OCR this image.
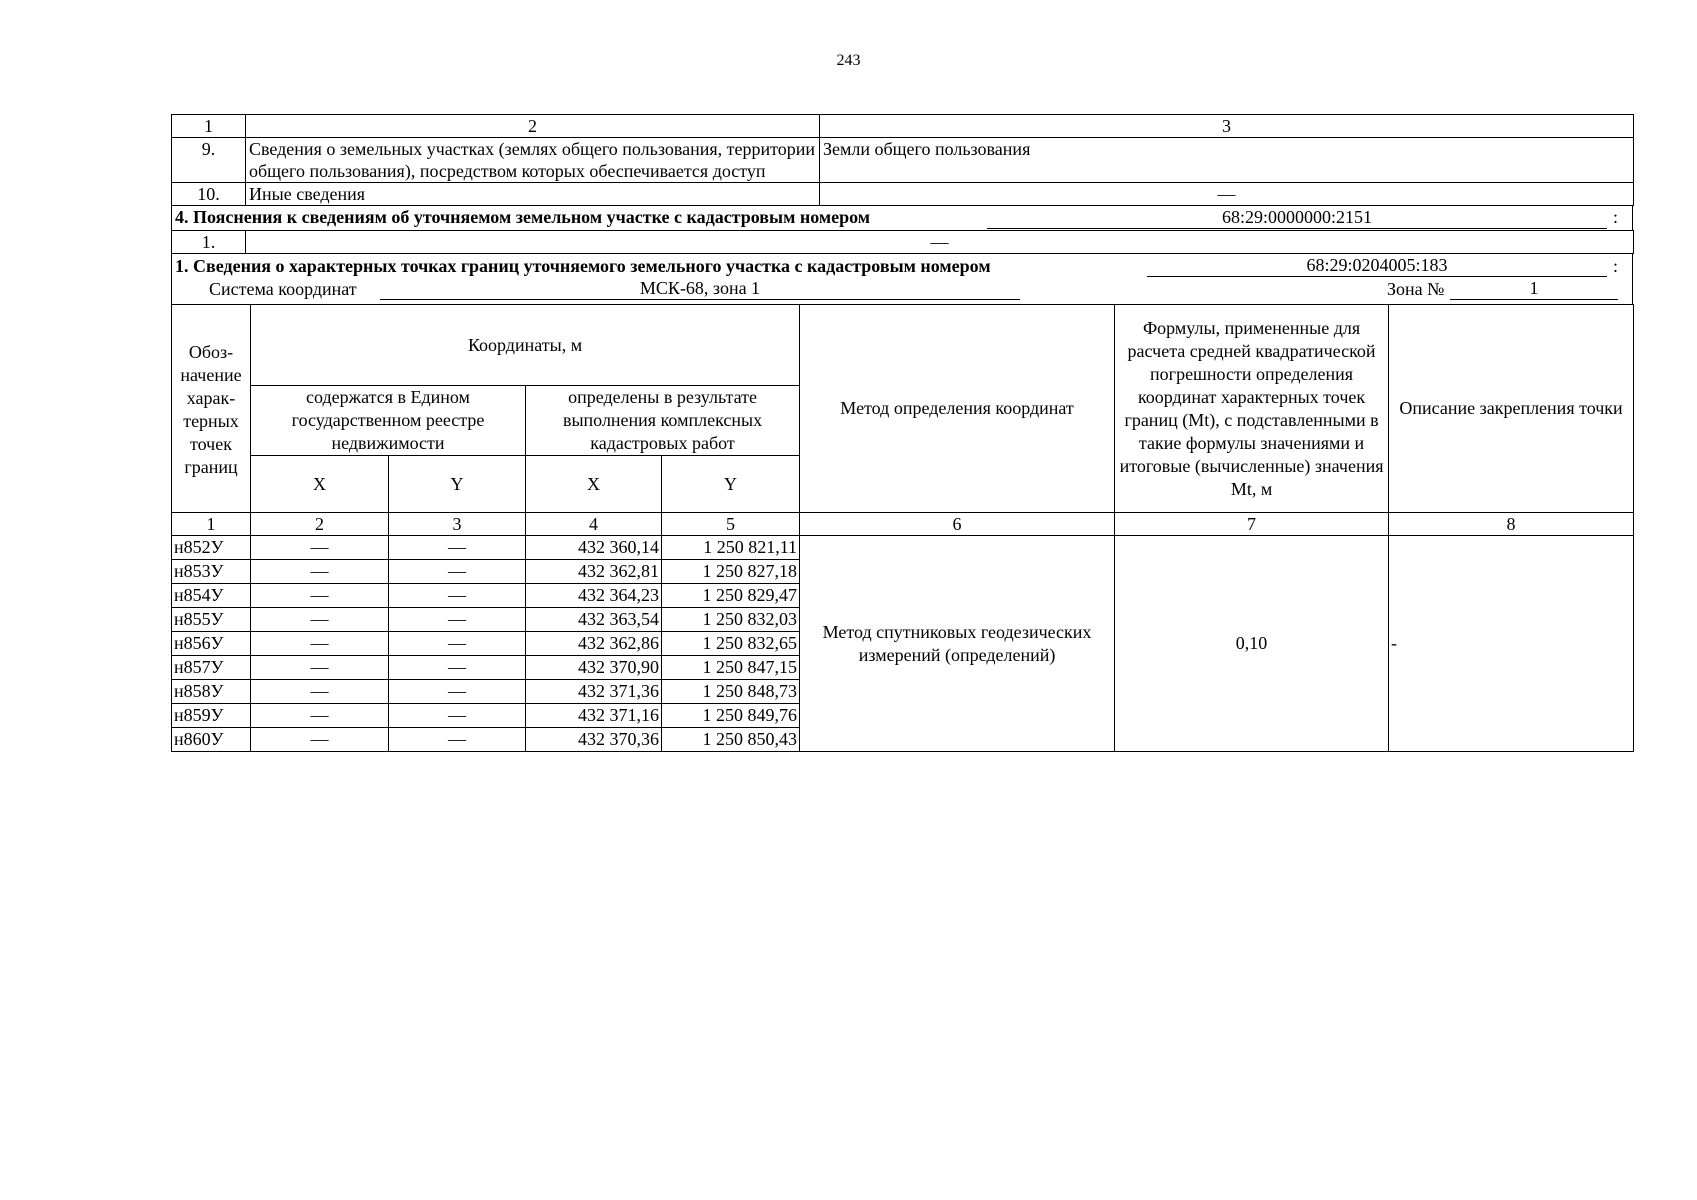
243
1	2	3
9.	Сведения о земельных участках (землях общего пользования, территории общего пользования), посредством которых обеспечивается доступ	Земли общего пользования
10.	Иные сведения	—
4. Пояснения к сведениям об уточняемом земельном участке с кадастровым номером	68:29:0000000:2151	:
1.	—
1. Сведения о характерных точках границ уточняемого земельного участка с кадастровым номером	68:29:0204005:183	:
Система координат	МСК-68, зона 1	Зона №	1
Обоз-начение харак-терных точек границ	Координаты, м				Метод определения координат	Формулы, примененные для расчета средней квадратической погрешности определения координат характерных точек границ (Mt), с подставленными в такие формулы значениями и итоговые (вычисленные) значения Mt, м	Описание закрепления точки
	содержатся в Едином государственном реестре недвижимости		определены в результате выполнения комплексных кадастровых работ				
	X	Y	X	Y			
1	2	3	4	5	6	7	8
н852У	—	—	432 360,14	1 250 821,11	Метод спутниковых геодезических измерений (определений)	0,10	-
н853У	—	—	432 362,81	1 250 827,18			
н854У	—	—	432 364,23	1 250 829,47			
н855У	—	—	432 363,54	1 250 832,03			
н856У	—	—	432 362,86	1 250 832,65			
н857У	—	—	432 370,90	1 250 847,15			
н858У	—	—	432 371,36	1 250 848,73			
н859У	—	—	432 371,16	1 250 849,76			
н860У	—	—	432 370,36	1 250 850,43			
